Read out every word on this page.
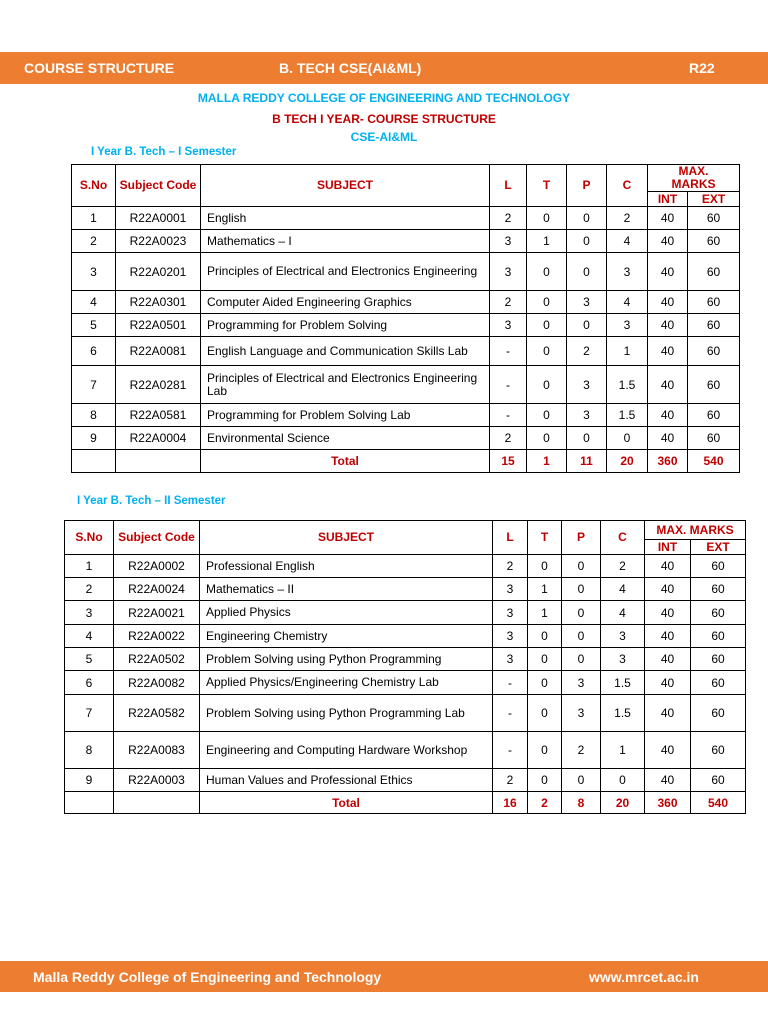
COURSE STRUCTURE	B. TECH CSE(AI&ML)	R22
MALLA REDDY COLLEGE OF ENGINEERING AND TECHNOLOGY
B TECH I YEAR- COURSE STRUCTURE
CSE-AI&ML
I Year B. Tech – I Semester
S.No	Subject Code	SUBJECT	L	T	P	C	MAX. MARKS	
							INT	EXT
1	R22A0001	English	2	0	0	2	40	60
2	R22A0023	Mathematics – I	3	1	0	4	40	60
3	R22A0201	Principles of Electrical and Electronics Engineering	3	0	0	3	40	60
4	R22A0301	Computer Aided Engineering Graphics	2	0	3	4	40	60
5	R22A0501	Programming for Problem Solving	3	0	0	3	40	60
6	R22A0081	English Language and Communication Skills Lab	-	0	2	1	40	60
7	R22A0281	Principles of Electrical and Electronics Engineering Lab	-	0	3	1.5	40	60
8	R22A0581	Programming for Problem Solving Lab	-	0	3	1.5	40	60
9	R22A0004	Environmental Science	2	0	0	0	40	60
		Total	15	1	11	20	360	540
I Year B. Tech – II Semester
S.No	Subject Code	SUBJECT	L	T	P	C	MAX. MARKS	
							INT	EXT
1	R22A0002	Professional English	2	0	0	2	40	60
2	R22A0024	Mathematics – II	3	1	0	4	40	60
3	R22A0021	Applied Physics	3	1	0	4	40	60
4	R22A0022	Engineering Chemistry	3	0	0	3	40	60
5	R22A0502	Problem Solving using Python Programming	3	0	0	3	40	60
6	R22A0082	Applied Physics/Engineering Chemistry Lab	-	0	3	1.5	40	60
7	R22A0582	Problem Solving using Python Programming Lab	-	0	3	1.5	40	60
8	R22A0083	Engineering and Computing Hardware Workshop	-	0	2	1	40	60
9	R22A0003	Human Values and Professional Ethics	2	0	0	0	40	60
		Total	16	2	8	20	360	540
Malla Reddy College of Engineering and Technology	www.mrcet.ac.in
